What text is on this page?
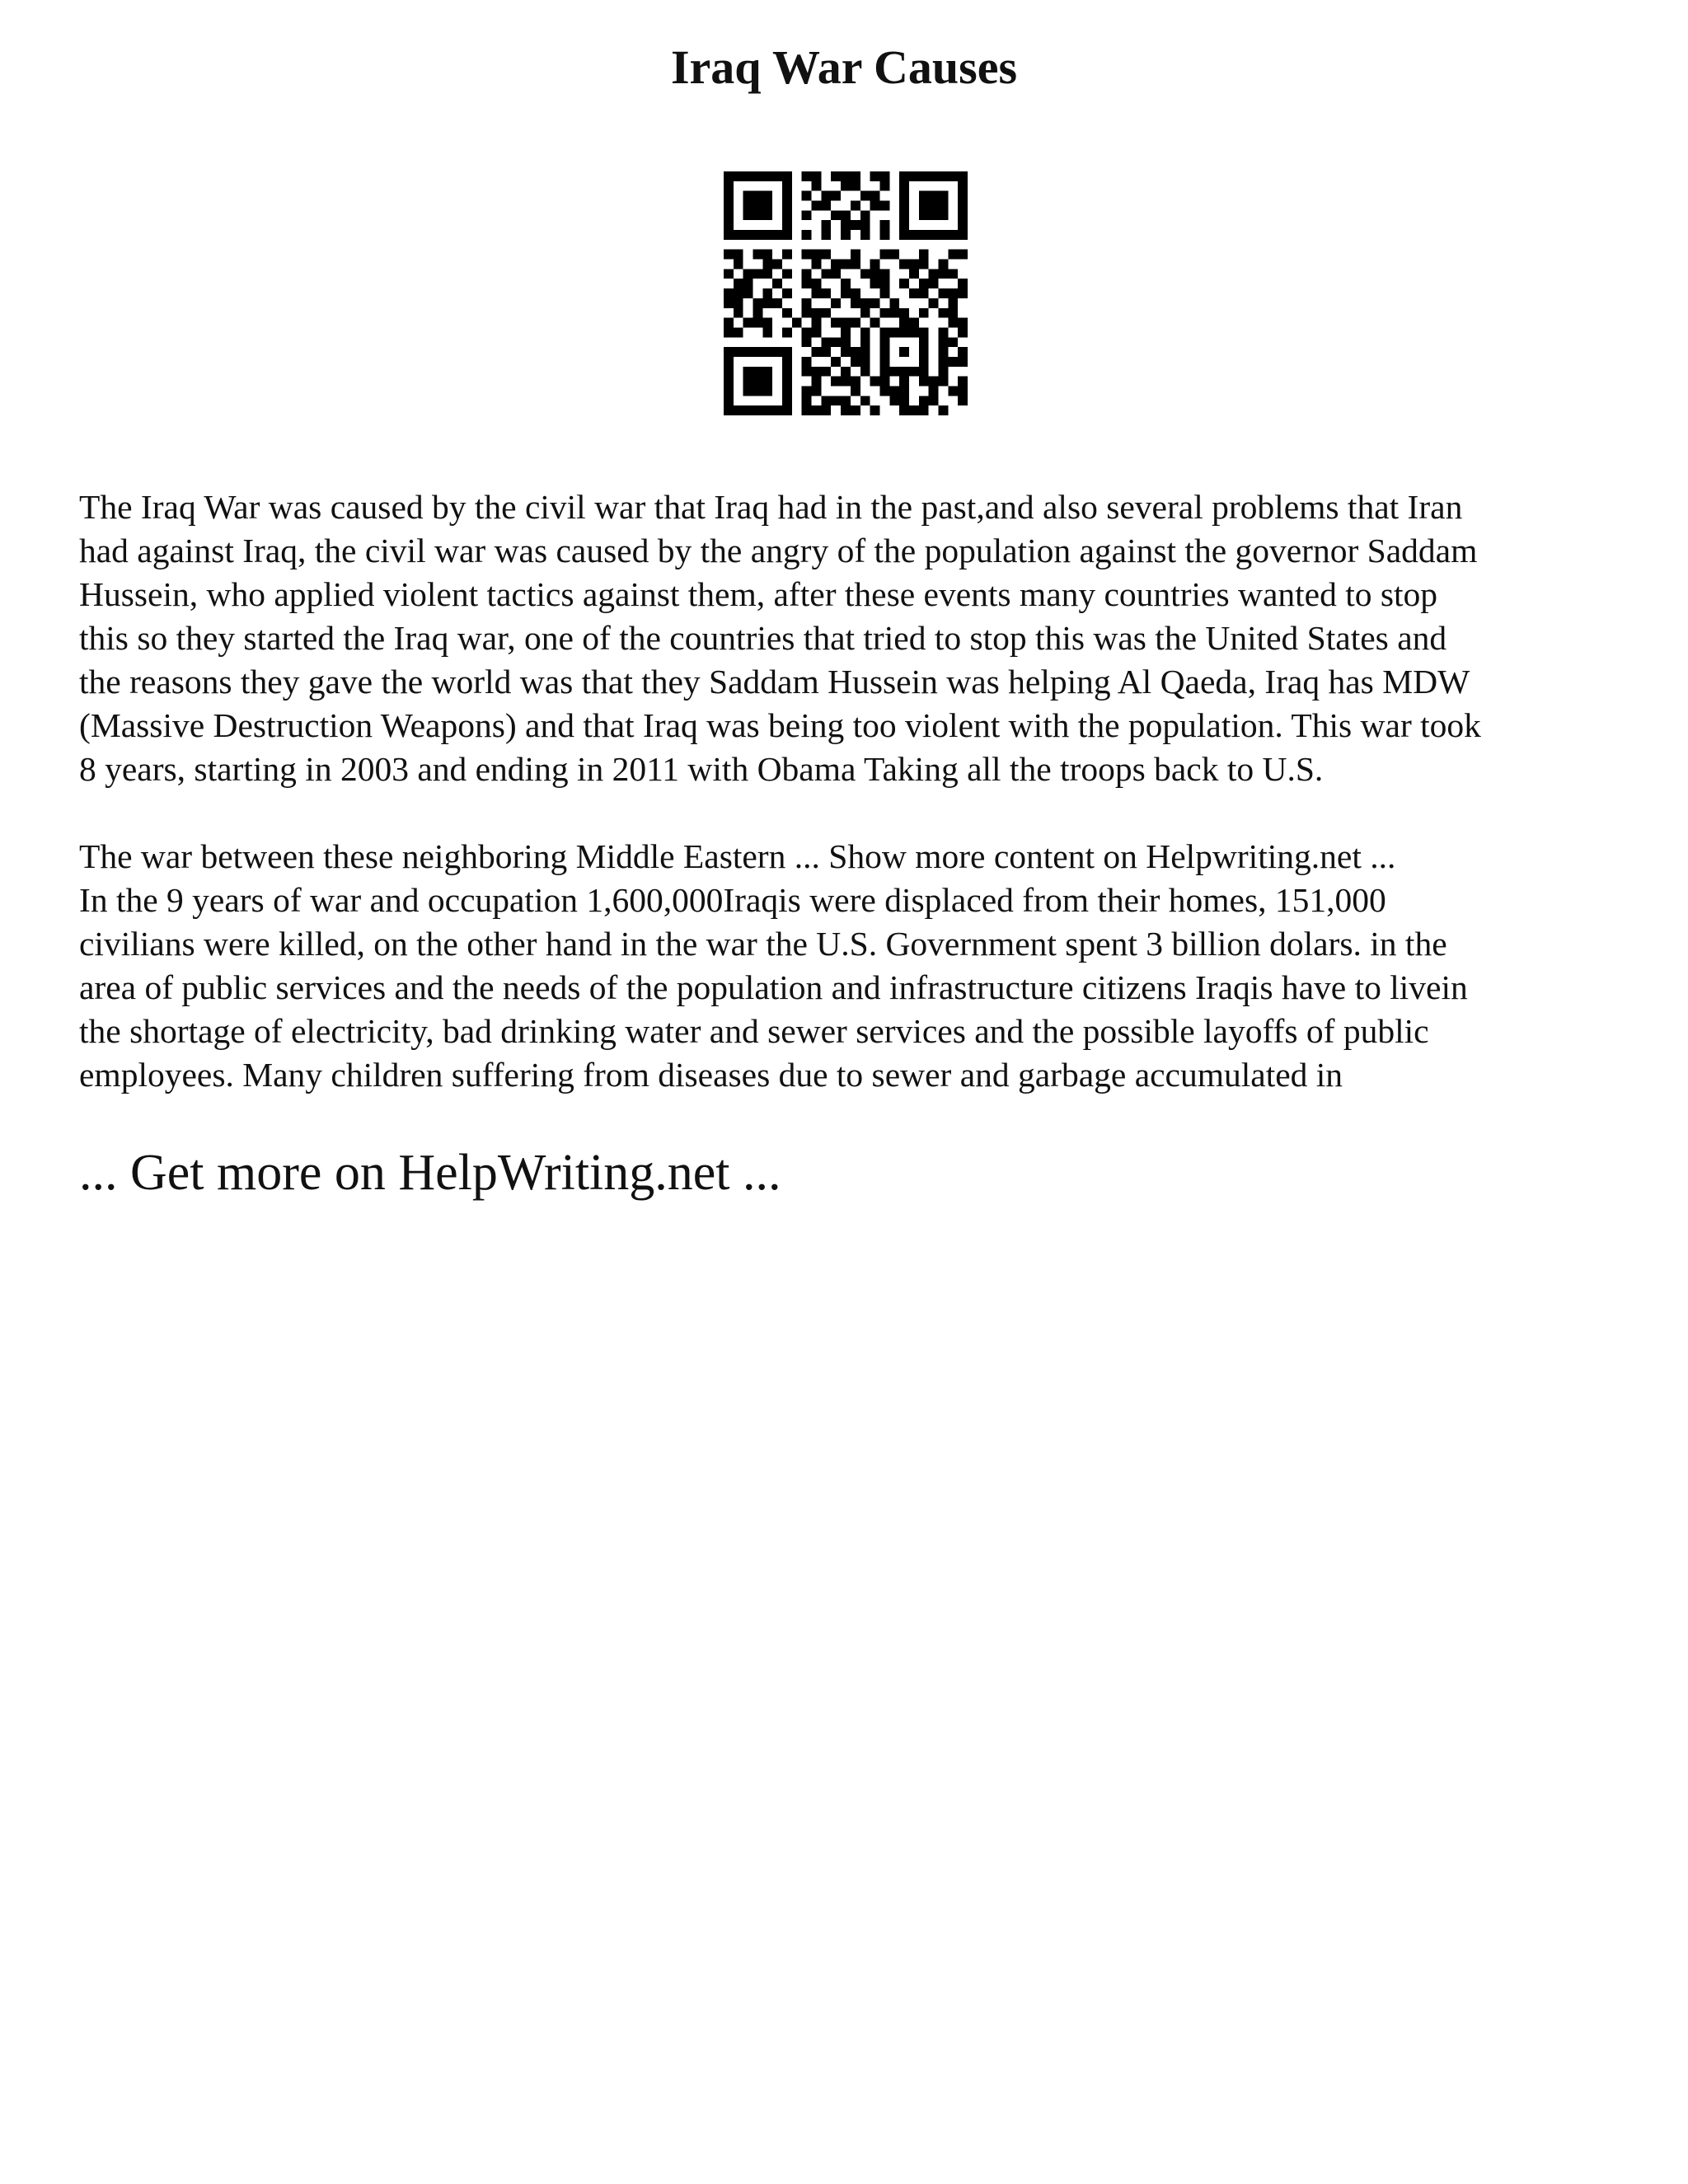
Iraq War Causes

The Iraq War was caused by the civil war that Iraq had in the past,and also several problems that Iran
had against Iraq, the civil war was caused by the angry of the population against the governor Saddam
Hussein, who applied violent tactics against them, after these events many countries wanted to stop
this so they started the Iraq war, one of the countries that tried to stop this was the United States and
the reasons they gave the world was that they Saddam Hussein was helping Al Qaeda, Iraq has MDW
(Massive Destruction Weapons) and that Iraq was being too violent with the population. This war took
8 years, starting in 2003 and ending in 2011 with Obama Taking all the troops back to U.S.

The war between these neighboring Middle Eastern ... Show more content on Helpwriting.net ...
In the 9 years of war and occupation 1,600,000Iraqis were displaced from their homes, 151,000
civilians were killed, on the other hand in the war the U.S. Government spent 3 billion dolars. in the
area of public services and the needs of the population and infrastructure citizens Iraqis have to livein
the shortage of electricity, bad drinking water and sewer services and the possible layoffs of public
employees. Many children suffering from diseases due to sewer and garbage accumulated in

... Get more on HelpWriting.net ...
